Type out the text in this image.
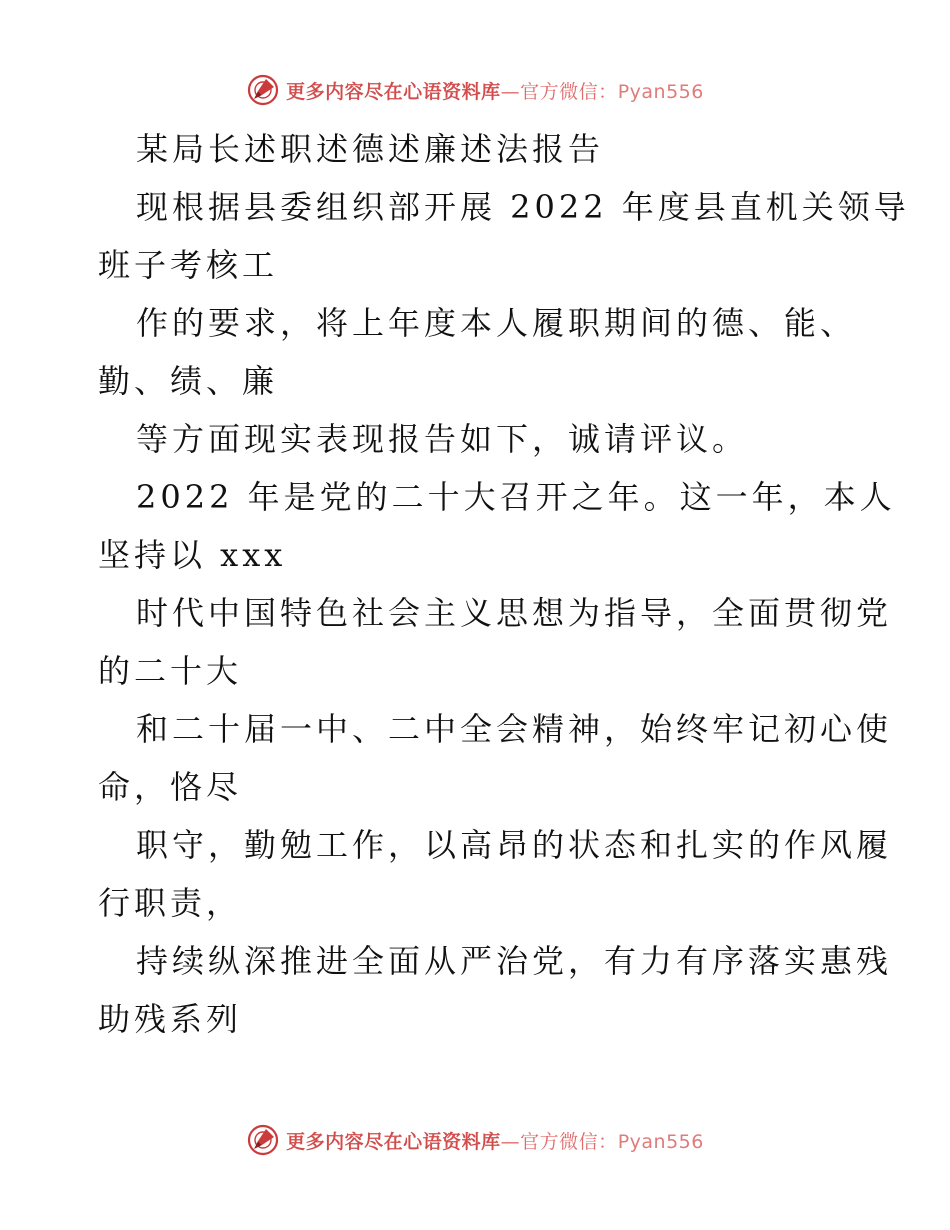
更多内容尽在心语资料库—官方微信：Pyan556
某局长述职述德述廉述法报告
现根据县委组织部开展 2022 年度县直机关领导
班子考核工
作的要求，将上年度本人履职期间的德、能、
勤、绩、廉
等方面现实表现报告如下，诚请评议。
2022 年是党的二十大召开之年。这一年，本人
坚持以 xxx
时代中国特色社会主义思想为指导，全面贯彻党
的二十大
和二十届一中、二中全会精神，始终牢记初心使
命，恪尽
职守，勤勉工作，以高昂的状态和扎实的作风履
行职责，
持续纵深推进全面从严治党，有力有序落实惠残
助残系列
更多内容尽在心语资料库—官方微信：Pyan556
